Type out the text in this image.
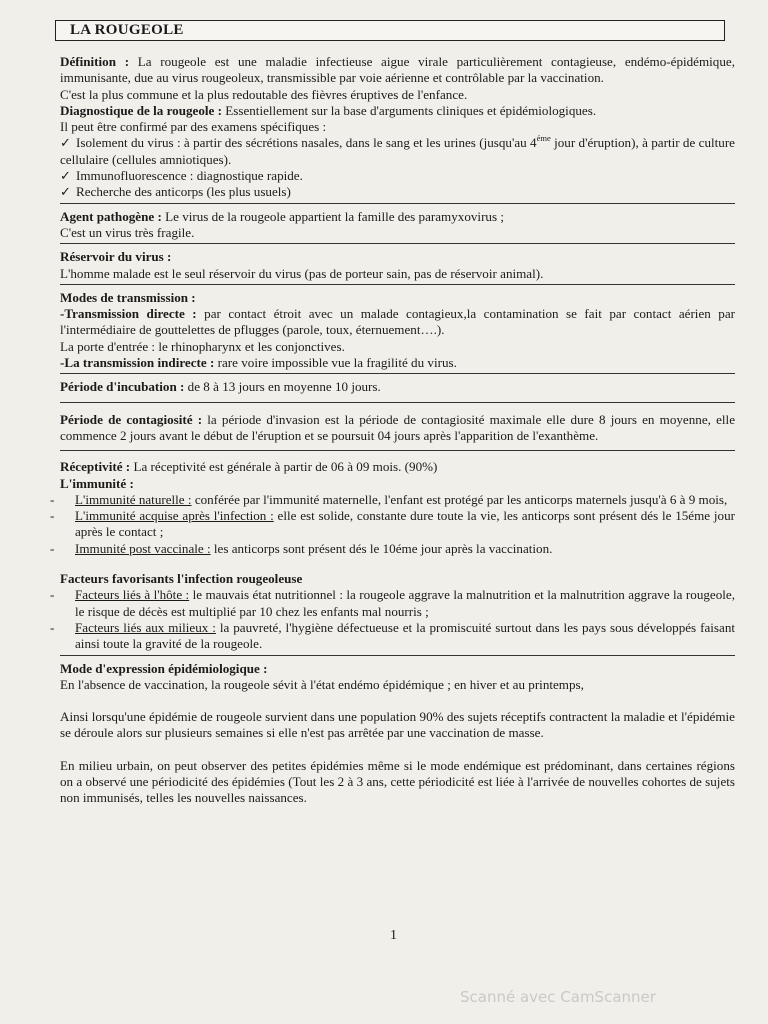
LA ROUGEOLE

Définition : La rougeole est une maladie infectieuse aigue virale particulièrement contagieuse, endémo-épidémique, immunisante, due au virus rougeoleux, transmissible par voie aérienne et contrôlable par la vaccination.

C'est la plus commune et la plus redoutable des fièvres éruptives de l'enfance.

Diagnostique de la rougeole : Essentiellement sur la base d'arguments cliniques et épidémiologiques.

Il peut être confirmé par des examens spécifiques :

✓ Isolement du virus : à partir des sécrétions nasales, dans le sang et les urines (jusqu'au $4^{éme}$ jour d'éruption), à partir de culture cellulaire (cellules amniotiques).

✓ Immunofluorescence : diagnostique rapide.

✓ Recherche des anticorps (les plus usuels)

Agent pathogène : Le virus de la rougeole appartient la famille des paramyxovirus ;

C'est un virus très fragile.

Réservoir du virus :

L'homme malade est le seul réservoir du virus (pas de porteur sain, pas de réservoir animal).

Modes de transmission :

-Transmission directe : par contact étroit avec un malade contagieux,la contamination se fait par contact aérien par l'intermédiaire de gouttelettes de pflugges (parole, toux, éternuement….).

La porte d'entrée : le rhinopharynx et les conjonctives.

-La transmission indirecte : rare voire impossible vue la fragilité du virus.

Période d'incubation : de 8 à 13 jours en moyenne 10 jours.

Période de contagiosité : la période d'invasion est la période de contagiosité maximale elle dure 8 jours en moyenne, elle commence 2 jours avant le début de l'éruption et se poursuit 04 jours après l'apparition de l'exanthème.

Réceptivité : La réceptivité est générale à partir de 06 à 09 mois. (90%)

L'immunité :

- L'immunité naturelle : conférée par l'immunité maternelle, l'enfant est protégé par les anticorps maternels jusqu'à 6 à 9 mois,

- L'immunité acquise après l'infection : elle est solide, constante dure toute la vie, les anticorps sont présent dés le 15éme jour après le contact ;

- Immunité post vaccinale : les anticorps sont présent dés le 10éme jour après la vaccination.

Facteurs favorisants l'infection rougeoleuse

- Facteurs liés à l'hôte : le mauvais état nutritionnel : la rougeole aggrave la malnutrition et la malnutrition aggrave la rougeole, le risque de décès est multiplié par 10 chez les enfants mal nourris ;

- Facteurs liés aux milieux : la pauvreté, l'hygiène défectueuse et la promiscuité surtout dans les pays sous développés faisant ainsi toute la gravité de la rougeole.

Mode d'expression épidémiologique :

En l'absence de vaccination, la rougeole sévit à l'état endémo épidémique ; en hiver et au printemps,

Ainsi lorsqu'une épidémie de rougeole survient dans une population 90% des sujets réceptifs contractent la maladie et l'épidémie se déroule alors sur plusieurs semaines si elle n'est pas arrêtée par une vaccination de masse.

En milieu urbain, on peut observer des petites épidémies même si le mode endémique est prédominant, dans certaines régions on a observé une périodicité des épidémies (Tout les 2 à 3 ans, cette périodicité est liée à l'arrivée de nouvelles cohortes de sujets non immunisés, telles les nouvelles naissances.

1
Scanné avec CamScanner
